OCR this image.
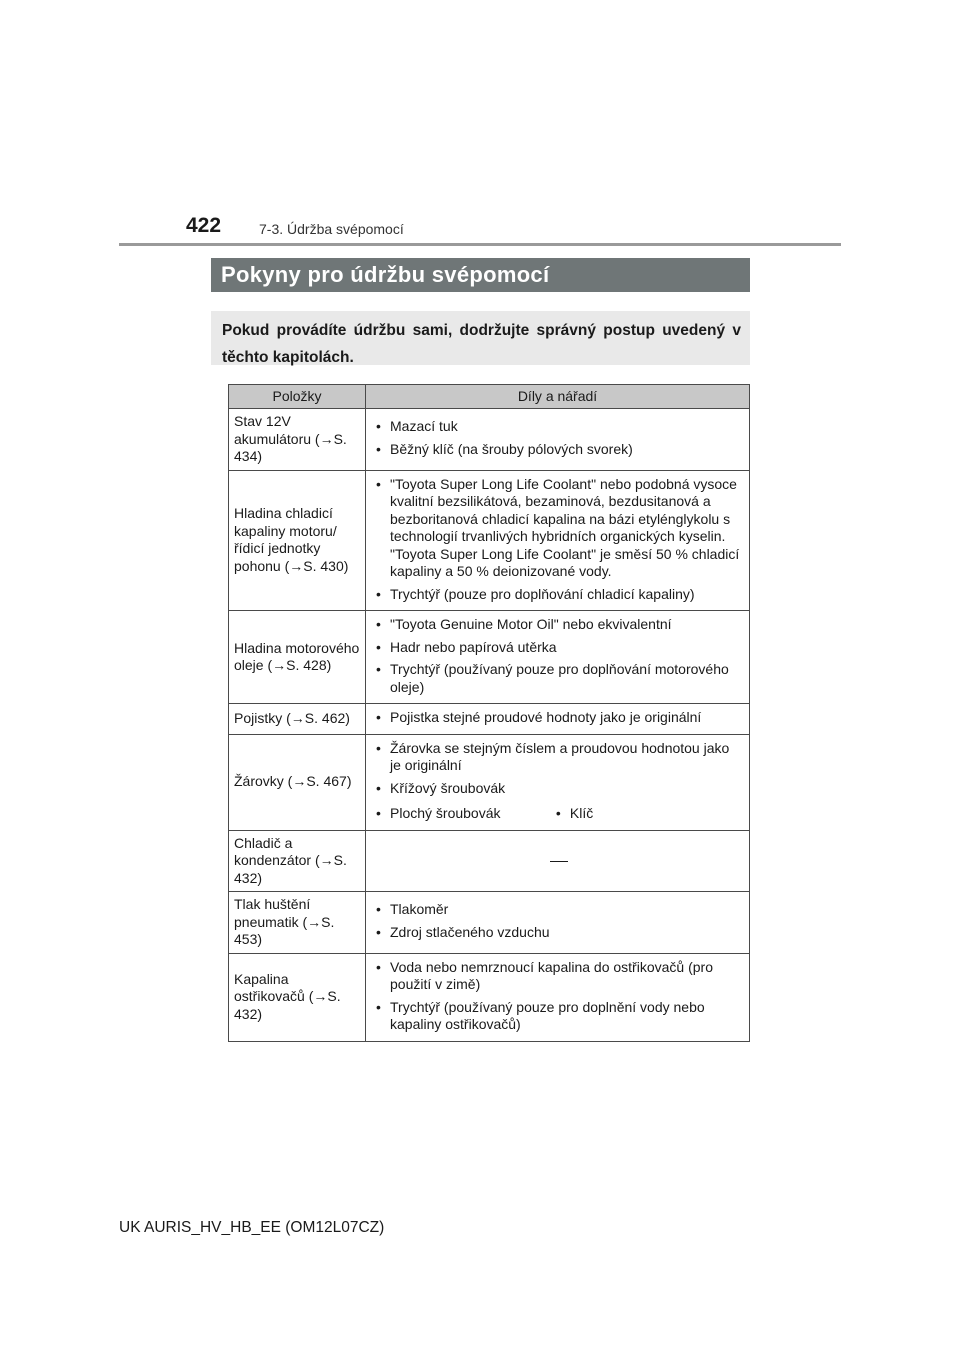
422	7-3. Údržba svépomocí
Pokyny pro údržbu svépomocí
Pokud provádíte údržbu sami, dodržujte správný postup uvedený v těchto kapitolách.
Položky	Díly a nářadí
Stav 12V akumulátoru (→S. 434)	• Mazací tuk
• Běžný klíč (na šrouby pólových svorek)

Hladina chladicí kapaliny motoru/řídicí jednotky pohonu (→S. 430)	• "Toyota Super Long Life Coolant" nebo podobná vysoce kvalitní bezsilikátová, bezaminová, bezdusitanová a bezboritanová chladicí kapalina na bázi etylénglykolu s technologií trvanlivých hybridních organických kyselin. "Toyota Super Long Life Coolant" je směsí 50 % chladicí kapaliny a 50 % deionizované vody.
• Trychtýř (pouze pro doplňování chladicí kapaliny)

Hladina motorového oleje (→S. 428)	• "Toyota Genuine Motor Oil" nebo ekvivalentní
• Hadr nebo papírová utěrka
• Trychtýř (používaný pouze pro doplňování motorového oleje)

Pojistky (→S. 462)	• Pojistka stejné proudové hodnoty jako je originální

Žárovky (→S. 467)	• Žárovka se stejným číslem a proudovou hodnotou jako je originální
• Křížový šroubovák
• Plochý šroubovák • Klíč

Chladič a kondenzátor (→S. 432)	
Tlak huštění pneumatik (→S. 453)	• Tlakoměr
• Zdroj stlačeného vzduchu

Kapalina ostřikovačů (→S. 432)	• Voda nebo nemrznoucí kapalina do ostřikovačů (pro použití v zimě)
• Trychtýř (používaný pouze pro doplnění vody nebo kapaliny ostřikovačů)
UK AURIS_HV_HB_EE (OM12L07CZ)
